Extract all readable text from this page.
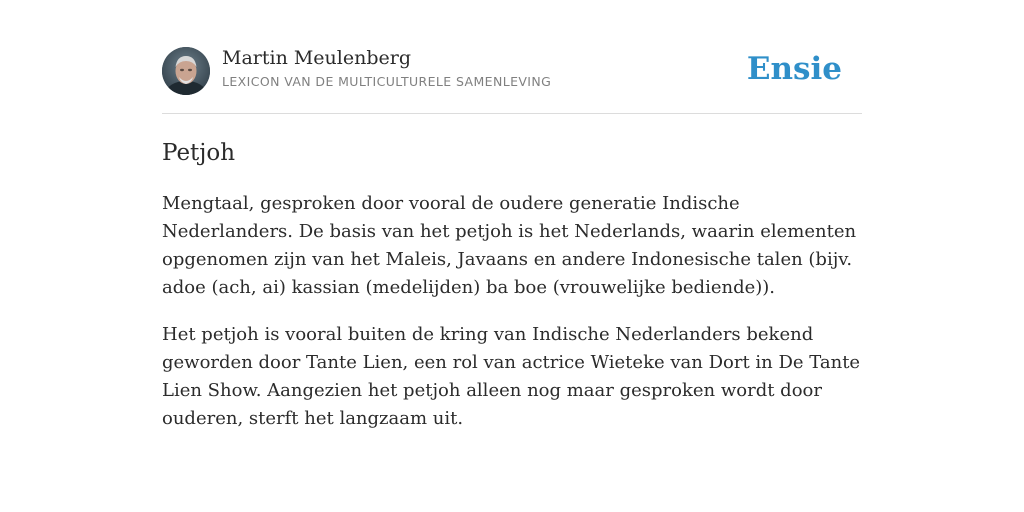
Martin Meulenberg
LEXICON VAN DE MULTICULTURELE SAMENLEVING	Ensie
Petjoh

Mengtaal, gesproken door vooral de oudere generatie Indische Nederlanders. De basis van het petjoh is het Nederlands, waarin elementen opgenomen zijn van het Maleis, Javaans en andere Indonesische talen (bijv. adoe (ach, ai) kassian (medelijden) ba boe (vrouwelijke bediende)).

Het petjoh is vooral buiten de kring van Indische Nederlanders bekend geworden door Tante Lien, een rol van actrice Wieteke van Dort in De Tante Lien Show. Aangezien het petjoh alleen nog maar gesproken wordt door ouderen, sterft het langzaam uit.
